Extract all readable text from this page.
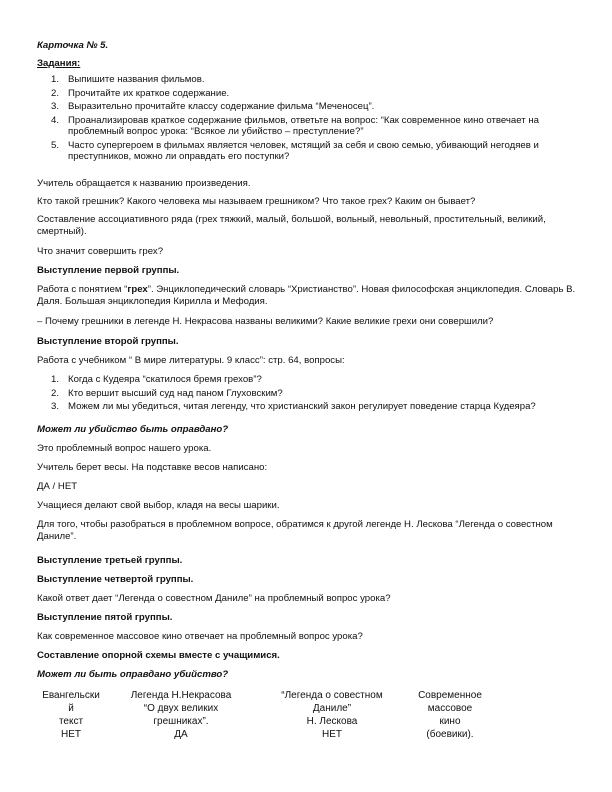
Карточка № 5.

Задания:

1. Выпишите названия фильмов.
2. Прочитайте их краткое содержание.
3. Выразительно прочитайте классу содержание фильма “Меченосец”.
4. Проанализировав краткое содержание фильмов, ответьте на вопрос: “Как современное кино отвечает на проблемный вопрос урока: “Всякое ли убийство – преступление?”
5. Часто супергероем в фильмах является человек, мстящий за себя и свою семью, убивающий негодяев и преступников, можно ли оправдать его поступки?

Учитель обращается к названию произведения.

Кто такой грешник? Какого человека мы называем грешником? Что такое грех? Каким он бывает?

Составление ассоциативного ряда (грех тяжкий, малый, большой, вольный, невольный, простительный, великий, смертный).

Что значит совершить грех?

Выступление первой группы.

Работа с понятием “грех”. Энциклопедический словарь “Христианство”. Новая философская энциклопедия. Словарь В. Даля. Большая энциклопедия Кирилла и Мефодия.

– Почему грешники в легенде Н. Некрасова названы великими? Какие великие грехи они совершили?

Выступление второй группы.

Работа с учебником “ В мире литературы. 9 класс”: стр. 64, вопросы:

1. Когда с Кудеяра “скатилося бремя грехов”?
2. Кто вершит высший суд над паном Глуховским?
3. Можем ли мы убедиться, читая легенду, что христианский закон регулирует поведение старца Кудеяра?

Может ли убийство быть оправдано?

Это проблемный вопрос нашего урока.

Учитель берет весы. На подставке весов написано:

ДА / НЕТ

Учащиеся делают свой выбор, кладя на весы шарики.

Для того, чтобы разобраться в проблемном вопросе, обратимся к другой легенде Н. Лескова “Легенда о совестном Даниле”.

Выступление третьей группы.

Выступление четвертой группы.

Какой ответ дает “Легенда о совестном Даниле” на проблемный вопрос урока?

Выступление пятой группы.

Как современное массовое кино отвечает на проблемный вопрос урока?

Составление опорной схемы вместе с учащимися.

Может ли быть оправдано убийство?

Евангельски
й
текст
НЕТ
Легенда Н.Некрасова
“О двух великих
грешниках”.
ДА
“Легенда о совестном
Даниле”
Н. Лескова
НЕТ
Современное
массовое
кино
(боевики).
